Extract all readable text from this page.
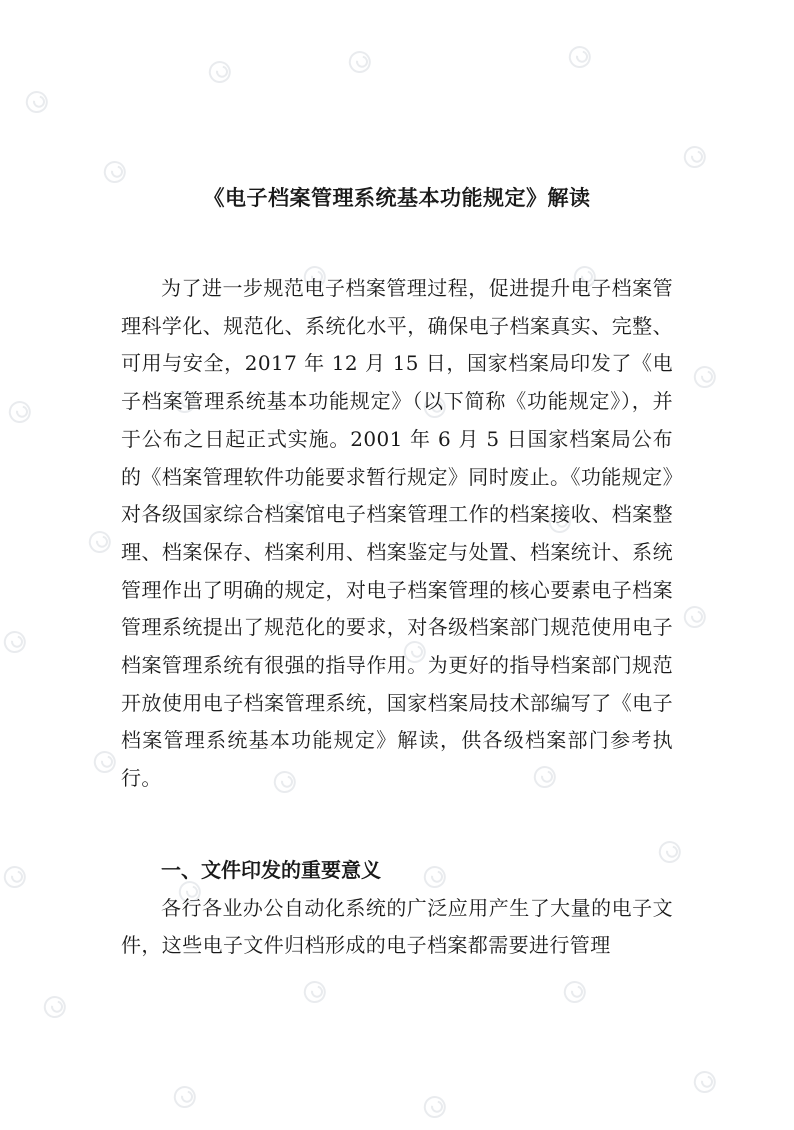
《电子档案管理系统基本功能规定》解读

为了进一步规范电子档案管理过程，促进提升电子档案管理科学化、规范化、系统化水平，确保电子档案真实、完整、可用与安全，2017 年 12 月 15 日，国家档案局印发了《电子档案管理系统基本功能规定》（以下简称《功能规定》），并于公布之日起正式实施。2001 年 6 月 5 日国家档案局公布的《档案管理软件功能要求暂行规定》同时废止。《功能规定》对各级国家综合档案馆电子档案管理工作的档案接收、档案整理、档案保存、档案利用、档案鉴定与处置、档案统计、系统管理作出了明确的规定，对电子档案管理的核心要素电子档案管理系统提出了规范化的要求，对各级档案部门规范使用电子档案管理系统有很强的指导作用。为更好的指导档案部门规范开放使用电子档案管理系统，国家档案局技术部编写了《电子档案管理系统基本功能规定》解读，供各级档案部门参考执行。

一、文件印发的重要意义

各行各业办公自动化系统的广泛应用产生了大量的电子文件，这些电子文件归档形成的电子档案都需要进行管理
